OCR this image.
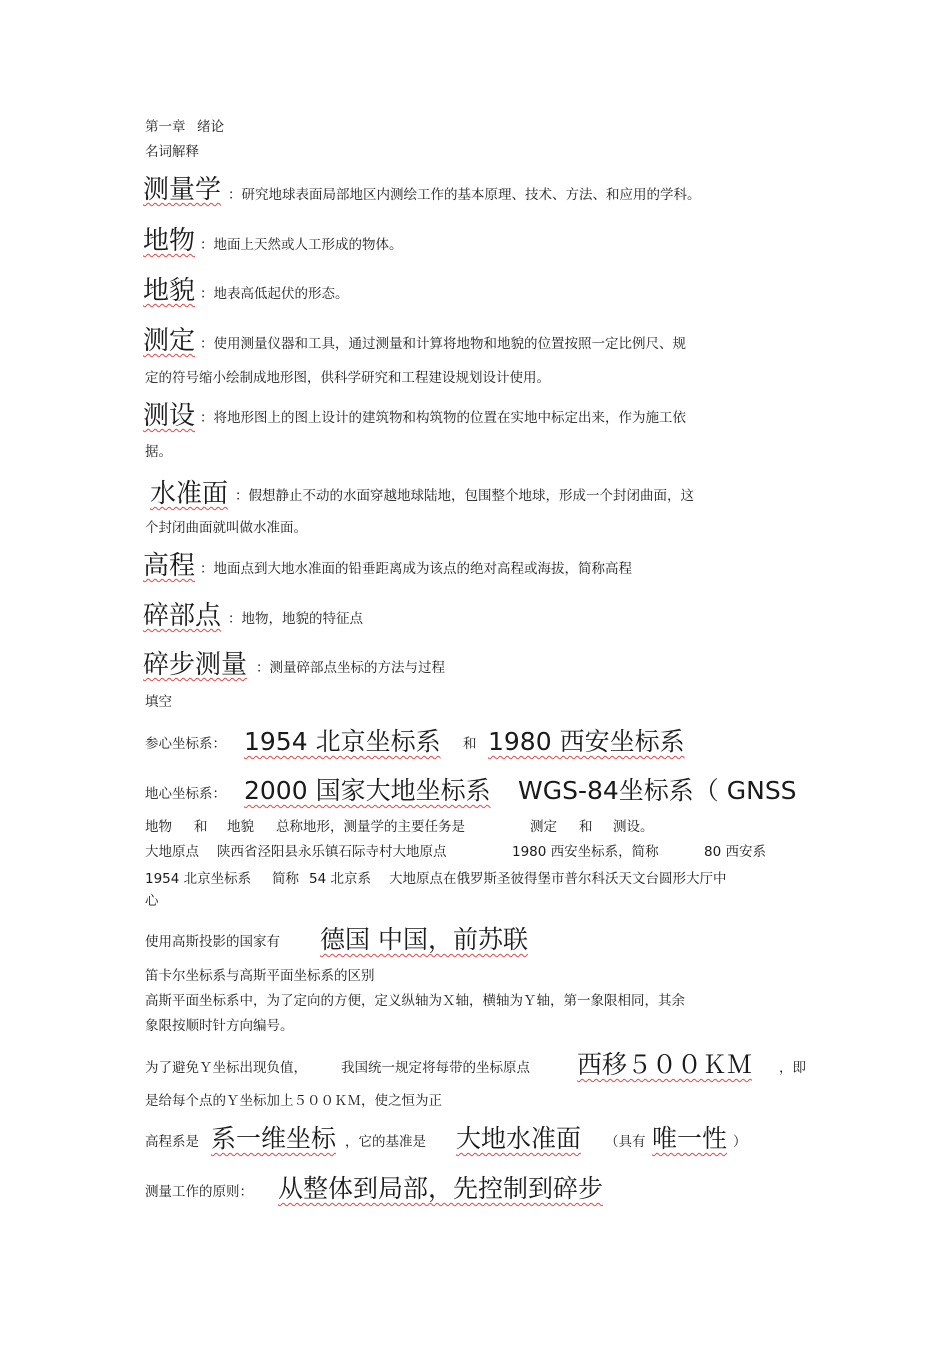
第一章 绪论
名词解释
测量学 ：研究地球表面局部地区内测绘工作的基本原理、技术、方法、和应用的学科。
地物 ：地面上天然或人工形成的物体。
地貌 ：地表高低起伏的形态。
测定 ：使用测量仪器和工具，通过测量和计算将地物和地貌的位置按照一定比例尺、规
定的符号缩小绘制成地形图，供科学研究和工程建设规划设计使用。
测设 ：将地形图上的图上设计的建筑物和构筑物的位置在实地中标定出来，作为施工依
据。
水准面 ：假想静止不动的水面穿越地球陆地，包围整个地球，形成一个封闭曲面，这
个封闭曲面就叫做水准面。
高程 ：地面点到大地水准面的铅垂距离成为该点的绝对高程或海拔，简称高程
碎部点 ：地物，地貌的特征点
碎步测量 ：测量碎部点坐标的方法与过程
填空
参心坐标系： 1954 北京坐标系 和 1980 西安坐标系
地心坐标系： 2000 国家大地坐标系 WGS-84坐标系（ GNSS
地物 和 地貌 总称地形，测量学的主要任务是	测定 和 测设。
大地原点 陕西省泾阳县永乐镇石际寺村大地原点	1980 西安坐标系，简称	80 西安系
1954 北京坐标系 简称 54 北京系 大地原点在俄罗斯圣彼得堡市普尔科沃天文台圆形大厅中
心
使用高斯投影的国家有 德国 中国，前苏联
笛卡尔坐标系与高斯平面坐标系的区别
高斯平面坐标系中，为了定向的方便，定义纵轴为Ｘ轴，横轴为Ｙ轴，第一象限相同，其余
象限按顺时针方向编号。
为了避免Ｙ坐标出现负值，	我国统一规定将每带的坐标原点 西移５００ＫＭ ，即
是给每个点的Ｙ坐标加上５００ＫＭ，使之恒为正
高程系是 系一维坐标 ，它的基准是 大地水准面 （具有 唯一性 ）
测量工作的原则： 从整体到局部，先控制到碎步
